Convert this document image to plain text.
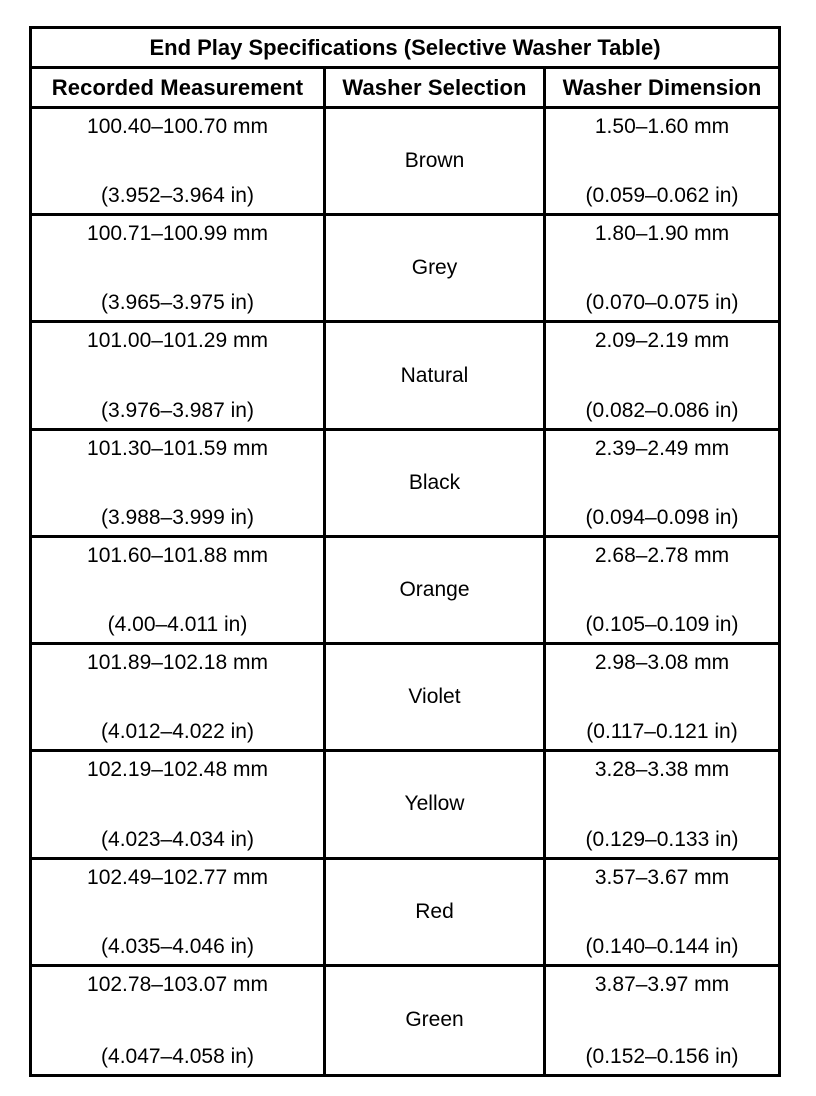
End Play Specifications (Selective Washer Table)
Recorded Measurement	Washer Selection	Washer Dimension
100.40–100.70 mm
(3.952–3.964 in)
Brown
1.50–1.60 mm
(0.059–0.062 in)
100.71–100.99 mm
(3.965–3.975 in)
Grey
1.80–1.90 mm
(0.070–0.075 in)
101.00–101.29 mm
(3.976–3.987 in)
Natural
2.09–2.19 mm
(0.082–0.086 in)
101.30–101.59 mm
(3.988–3.999 in)
Black
2.39–2.49 mm
(0.094–0.098 in)
101.60–101.88 mm
(4.00–4.011 in)
Orange
2.68–2.78 mm
(0.105–0.109 in)
101.89–102.18 mm
(4.012–4.022 in)
Violet
2.98–3.08 mm
(0.117–0.121 in)
102.19–102.48 mm
(4.023–4.034 in)
Yellow
3.28–3.38 mm
(0.129–0.133 in)
102.49–102.77 mm
(4.035–4.046 in)
Red
3.57–3.67 mm
(0.140–0.144 in)
102.78–103.07 mm
(4.047–4.058 in)
Green
3.87–3.97 mm
(0.152–0.156 in)
